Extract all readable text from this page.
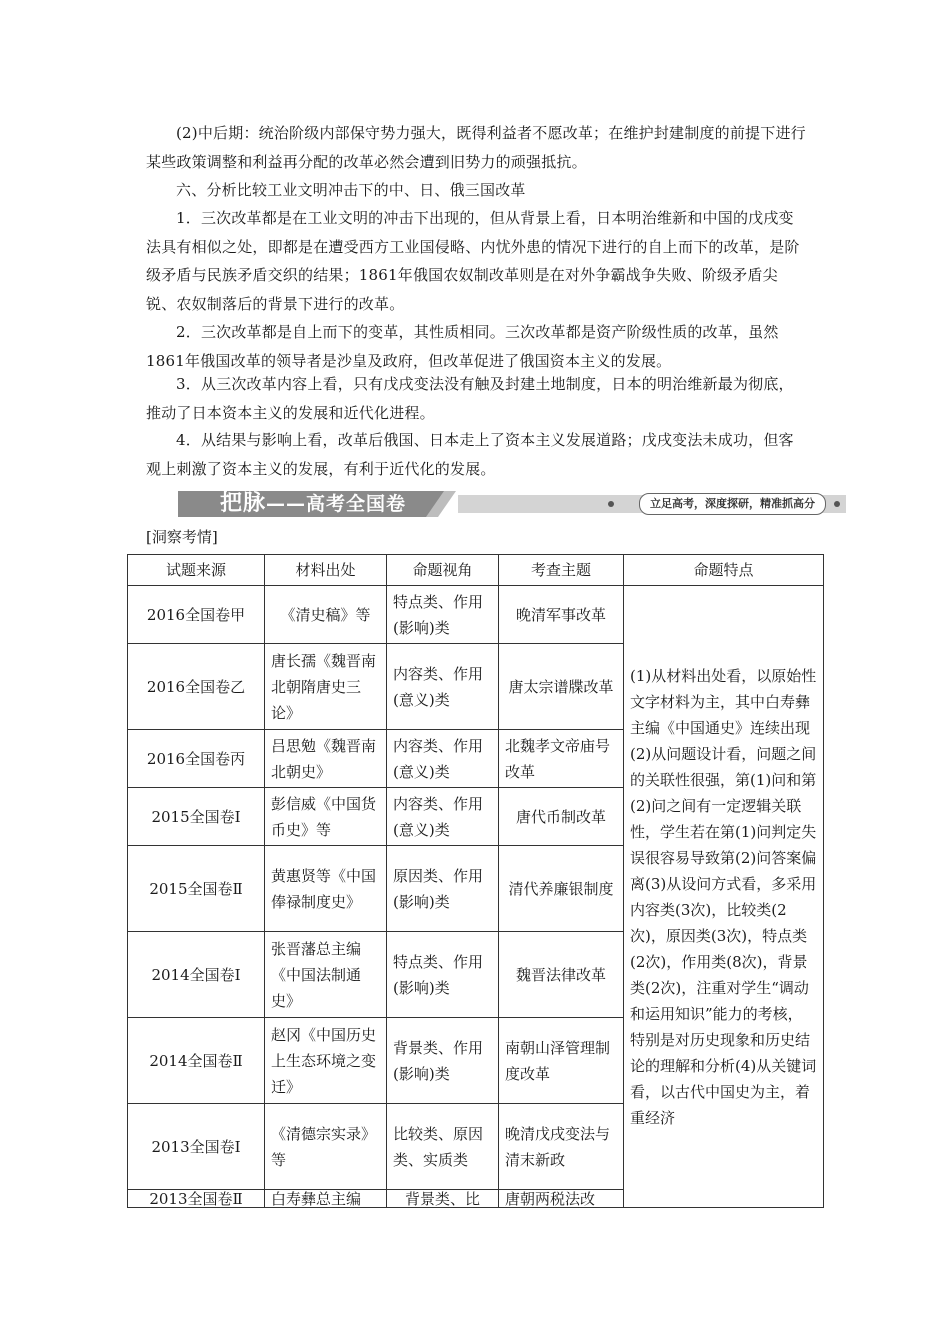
(2)中后期：统治阶级内部保守势力强大，既得利益者不愿改革；在维护封建制度的前提下进行某些政策调整和利益再分配的改革必然会遭到旧势力的顽强抵抗。

六、分析比较工业文明冲击下的中、日、俄三国改革

1．三次改革都是在工业文明的冲击下出现的，但从背景上看，日本明治维新和中国的戊戌变法具有相似之处，即都是在遭受西方工业国侵略、内忧外患的情况下进行的自上而下的改革，是阶级矛盾与民族矛盾交织的结果；1861年俄国农奴制改革则是在对外争霸战争失败、阶级矛盾尖锐、农奴制落后的背景下进行的改革。

2．三次改革都是自上而下的变革，其性质相同。三次改革都是资产阶级性质的改革，虽然1861年俄国改革的领导者是沙皇及政府，但改革促进了俄国资本主义的发展。

3．从三次改革内容上看，只有戊戌变法没有触及封建土地制度，日本的明治维新最为彻底，推动了日本资本主义的发展和近代化进程。

4．从结果与影响上看，改革后俄国、日本走上了资本主义发展道路；戊戌变法未成功，但客观上刺激了资本主义的发展，有利于近代化的发展。

把脉——高考全国卷	立足高考，深度探研，精准抓高分
[洞察考情]
试题来源	材料出处	命题视角	考查主题	命题特点
2016全国卷甲	《清史稿》等	特点类、作用(影响)类	晚清军事改革	(1)从材料出处看，以原始性文字材料为主，其中白寿彝主编《中国通史》连续出现(2)从问题设计看，问题之间的关联性很强，第(1)问和第(2)问之间有一定逻辑关联性，学生若在第(1)问判定失误很容易导致第(2)问答案偏离(3)从设问方式看，多采用内容类(3次)，比较类(2次)，原因类(3次)，特点类(2次)，作用类(8次)，背景类(2次)，注重对学生“调动和运用知识”能力的考核，特别是对历史现象和历史结论的理解和分析(4)从关键词看，以古代中国史为主，着重经济
2016全国卷乙	唐长孺《魏晋南北朝隋唐史三论》	内容类、作用(意义)类	唐太宗谱牒改革	
2016全国卷丙	吕思勉《魏晋南北朝史》	内容类、作用(意义)类	北魏孝文帝庙号改革	
2015全国卷Ⅰ	彭信威《中国货币史》等	内容类、作用(意义)类	唐代币制改革	
2015全国卷Ⅱ	黄惠贤等《中国俸禄制度史》	原因类、作用(影响)类	清代养廉银制度	
2014全国卷Ⅰ	张晋藩总主编《中国法制通史》	特点类、作用(影响)类	魏晋法律改革	
2014全国卷Ⅱ	赵冈《中国历史上生态环境之变迁》	背景类、作用(影响)类	南朝山泽管理制度改革	
2013全国卷Ⅰ	《清德宗实录》等	比较类、原因类、实质类	晚清戊戌变法与清末新政	
2013全国卷Ⅱ	白寿彝总主编	背景类、比	唐朝两税法改	
